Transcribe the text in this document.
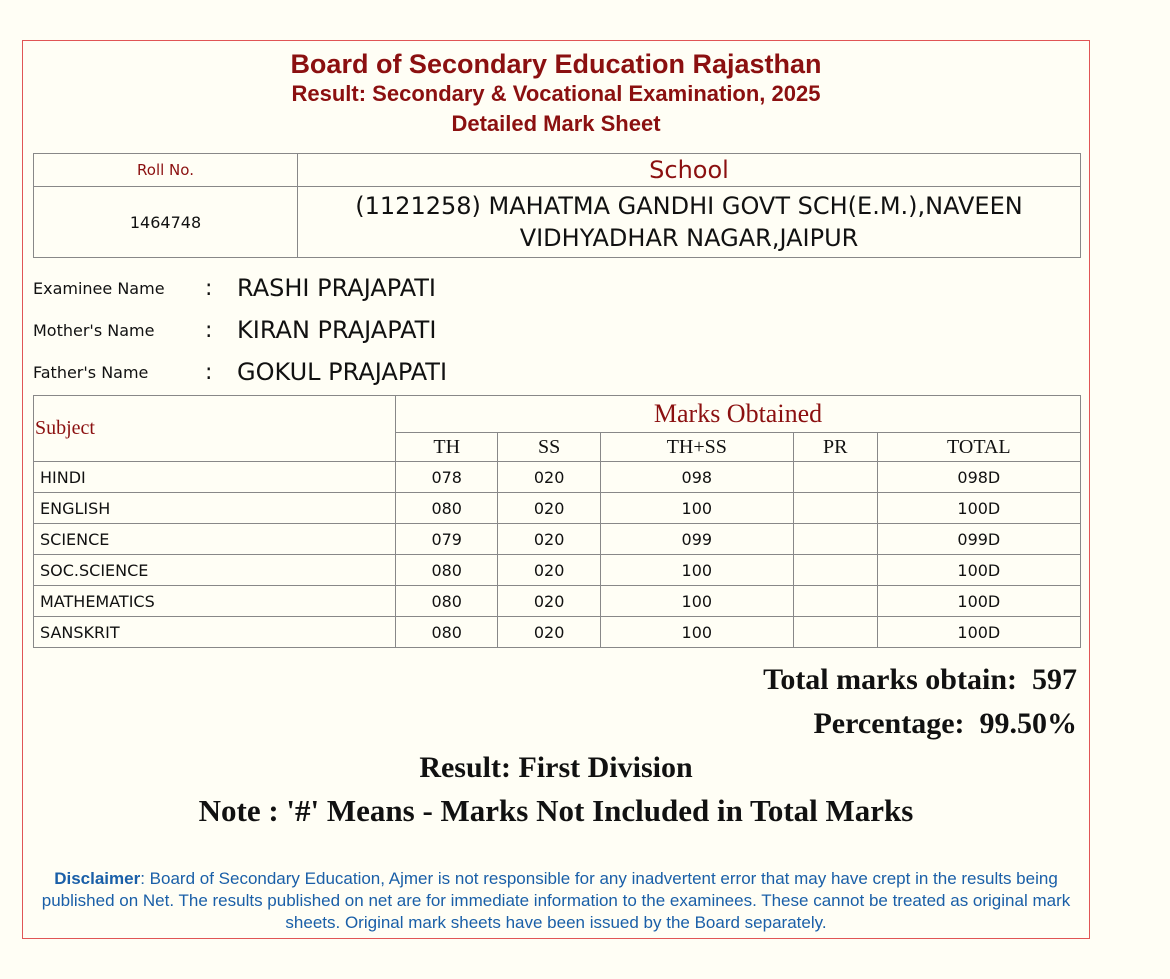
Board of Secondary Education Rajasthan
Result: Secondary & Vocational Examination, 2025
Detailed Mark Sheet
Roll No.	School
1464748	(1121258) MAHATMA GANDHI GOVT SCH(E.M.),NAVEEN VIDHYADHAR NAGAR,JAIPUR
Examinee Name	:	RASHI PRAJAPATI
Mother's Name	:	KIRAN PRAJAPATI
Father's Name	:	GOKUL PRAJAPATI
Subject	Marks Obtained				
	TH	SS	TH+SS	PR	TOTAL
HINDI	078	020	098		098D
ENGLISH	080	020	100		100D
SCIENCE	079	020	099		099D
SOC.SCIENCE	080	020	100		100D
MATHEMATICS	080	020	100		100D
SANSKRIT	080	020	100		100D
Total marks obtain: 597
Percentage: 99.50%
Result: First Division
Note : '#' Means - Marks Not Included in Total Marks
Disclaimer: Board of Secondary Education, Ajmer is not responsible for any inadvertent error that may have crept in the results being published on Net. The results published on net are for immediate information to the examinees. These cannot be treated as original mark sheets. Original mark sheets have been issued by the Board separately.
